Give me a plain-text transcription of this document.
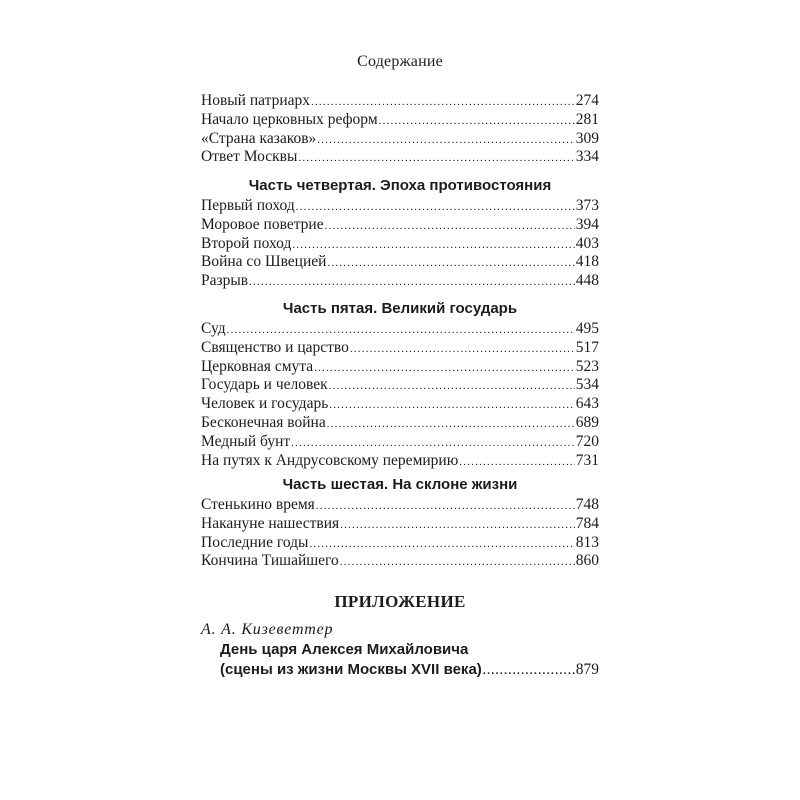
Содержание
Новый патриарх .....	274
Начало церковных реформ .....	281
«Страна казаков» .....	309
Ответ Москвы .....	334
Часть четвертая. Эпоха противостояния
Первый поход .....	373
Моровое поветрие .....	394
Второй поход .....	403
Война со Швецией .....	418
Разрыв .....	448
Часть пятая. Великий государь
Суд .....	495
Священство и царство .....	517
Церковная смута .....	523
Государь и человек .....	534
Человек и государь .....	643
Бесконечная война .....	689
Медный бунт .....	720
На путях к Андрусовскому перемирию .....	731
Часть шестая. На склоне жизни
Стенькино время .....	748
Накануне нашествия .....	784
Последние годы .....	813
Кончина Тишайшего .....	860
ПРИЛОЖЕНИЕ
А. А. Кизеветтер
День царя Алексея Михайловича
(сцены из жизни Москвы XVII века) .....	879
